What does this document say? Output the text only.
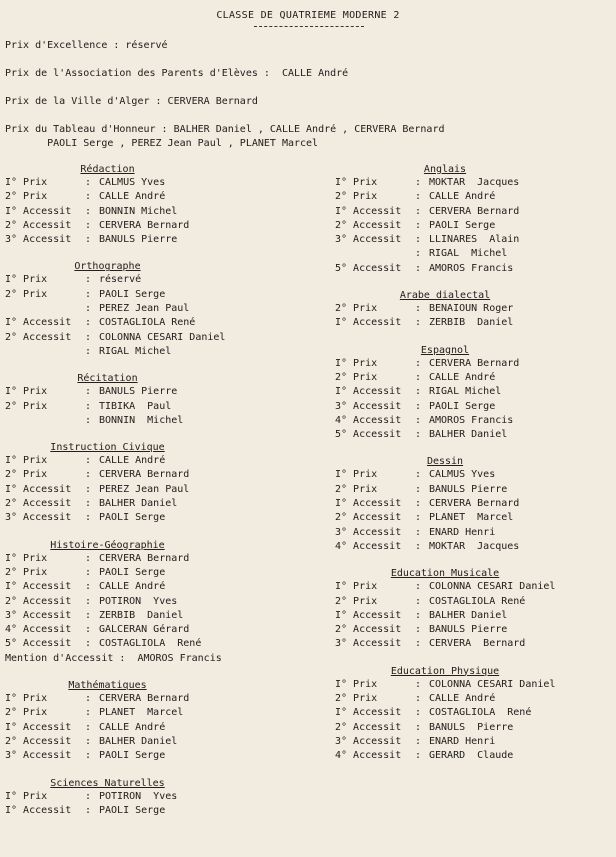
CLASSE DE QUATRIEME MODERNE 2
Prix d'Excellence : réservé
Prix de l'Association des Parents d'Elèves :  CALLE André
Prix de la Ville d'Alger : CERVERA Bernard
Prix du Tableau d'Honneur : BALHER Daniel , CALLE André , CERVERA Bernard
PAOLI Serge , PEREZ Jean Paul , PLANET Marcel
Rédaction
I° Prix	: CALMUS Yves
2° Prix	: CALLE André
I° Accessit	: BONNIN Michel
2° Accessit	: CERVERA Bernard
3° Accessit	: BANULS Pierre
Orthographe
I° Prix	: réservé
2° Prix	: PAOLI Serge
: PEREZ Jean Paul
I° Accessit	: COSTAGLIOLA René
2° Accessit	: COLONNA CESARI Daniel
: RIGAL Michel
Récitation
I° Prix	: BANULS Pierre
2° Prix	: TIBIKA  Paul
: BONNIN  Michel
Instruction Civique
I° Prix	: CALLE André
2° Prix	: CERVERA Bernard
I° Accessit	: PEREZ Jean Paul
2° Accessit	: BALHER Daniel
3° Accessit	: PAOLI Serge
Histoire-Géographie
I° Prix	: CERVERA Bernard
2° Prix	: PAOLI Serge
I° Accessit	: CALLE André
2° Accessit	: POTIRON  Yves
3° Accessit	: ZERBIB  Daniel
4° Accessit	: GALCERAN Gérard
5° Accessit	: COSTAGLIOLA  René
Mention d'Accessit :  AMOROS Francis
Mathématiques
I° Prix	: CERVERA Bernard
2° Prix	: PLANET  Marcel
I° Accessit	: CALLE André
2° Accessit	: BALHER Daniel
3° Accessit	: PAOLI Serge
Sciences Naturelles
I° Prix	: POTIRON  Yves
I° Accessit	: PAOLI Serge
Anglais
I° Prix	: MOKTAR  Jacques
2° Prix	: CALLE André
I° Accessit	: CERVERA Bernard
2° Accessit	: PAOLI Serge
3° Accessit	: LLINARES  Alain
: RIGAL  Michel
5° Accessit	: AMOROS Francis
Arabe dialectal
2° Prix	: BENAIOUN Roger
I° Accessit	: ZERBIB  Daniel
Espagnol
I° Prix	: CERVERA Bernard
2° Prix	: CALLE André
I° Accessit	: RIGAL Michel
3° Accessit	: PAOLI Serge
4° Accessit	: AMOROS Francis
5° Accessit	: BALHER Daniel
Dessin
I° Prix	: CALMUS Yves
2° Prix	: BANULS Pierre
I° Accessit	: CERVERA Bernard
2° Accessit	: PLANET  Marcel
3° Accessit	: ENARD Henri
4° Accessit	: MOKTAR  Jacques
Education Musicale
I° Prix	: COLONNA CESARI Daniel
2° Prix	: COSTAGLIOLA René
I° Accessit	: BALHER Daniel
2° Accessit	: BANULS Pierre
3° Accessit	: CERVERA  Bernard
Education Physique
I° Prix	: COLONNA CESARI Daniel
2° Prix	: CALLE André
I° Accessit	: COSTAGLIOLA  René
2° Accessit	: BANULS  Pierre
3° Accessit	: ENARD Henri
4° Accessit	: GERARD  Claude
